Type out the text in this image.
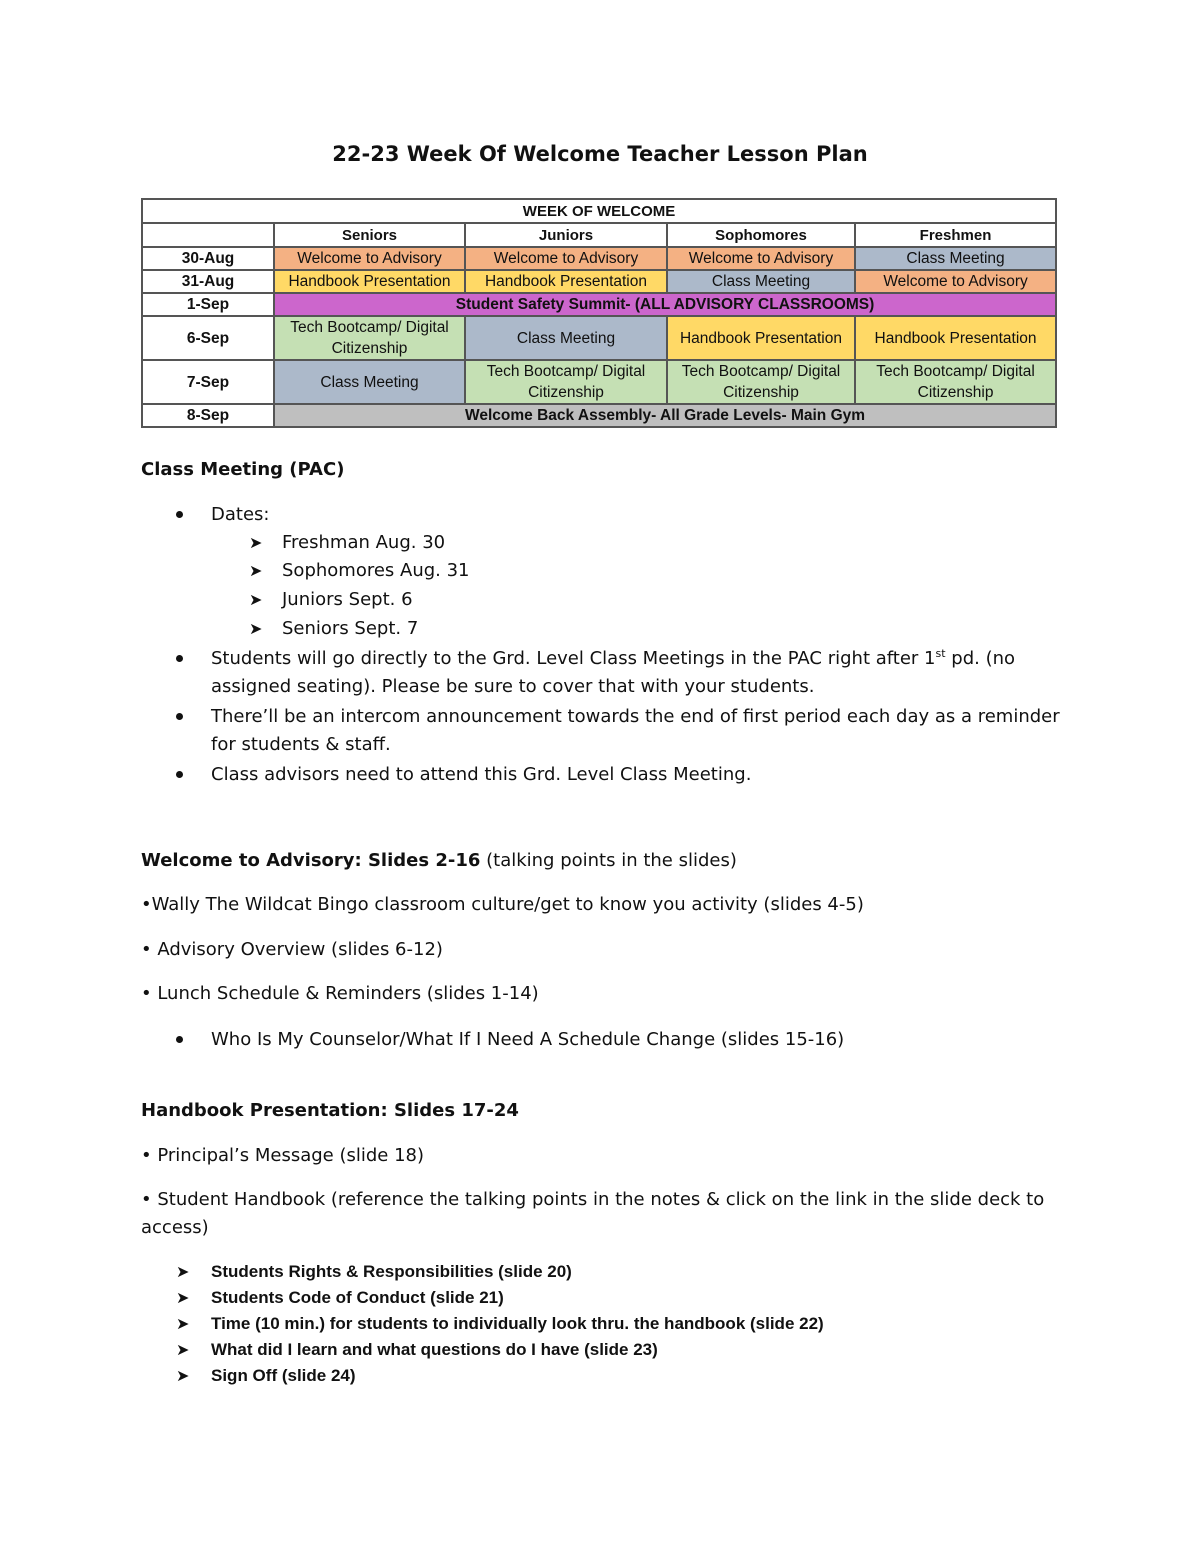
22-23 Week Of Welcome Teacher Lesson Plan
WEEK OF WELCOME				
	Seniors	Juniors	Sophomores	Freshmen
30-Aug	Welcome to Advisory	Welcome to Advisory	Welcome to Advisory	Class Meeting
31-Aug	Handbook Presentation	Handbook Presentation	Class Meeting	Welcome to Advisory
1-Sep	Student Safety Summit- (ALL ADVISORY CLASSROOMS)			
6-Sep	Tech Bootcamp/ Digital Citizenship	Class Meeting	Handbook Presentation	Handbook Presentation
7-Sep	Class Meeting	Tech Bootcamp/ Digital Citizenship	Tech Bootcamp/ Digital Citizenship	Tech Bootcamp/ Digital Citizenship
8-Sep	Welcome Back Assembly- All Grade Levels- Main Gym			
Class Meeting (PAC)
Dates:
➤ Freshman Aug. 30
➤ Sophomores Aug. 31
➤ Juniors Sept. 6
➤ Seniors Sept. 7
Students will go directly to the Grd. Level Class Meetings in the PAC right after 1st pd. (no
assigned seating). Please be sure to cover that with your students.
There’ll be an intercom announcement towards the end of first period each day as a reminder
for students & staff.
Class advisors need to attend this Grd. Level Class Meeting.
Welcome to Advisory: Slides 2-16 (talking points in the slides)
•Wally The Wildcat Bingo classroom culture/get to know you activity (slides 4-5)
• Advisory Overview (slides 6-12)
• Lunch Schedule & Reminders (slides 1-14)
Who Is My Counselor/What If I Need A Schedule Change (slides 15-16)
Handbook Presentation: Slides 17-24
• Principal’s Message (slide 18)
• Student Handbook (reference the talking points in the notes & click on the link in the slide deck to
access)
➤ Students Rights & Responsibilities (slide 20)
➤ Students Code of Conduct (slide 21)
➤ Time (10 min.) for students to individually look thru. the handbook (slide 22)
➤ What did I learn and what questions do I have (slide 23)
➤ Sign Off (slide 24)
